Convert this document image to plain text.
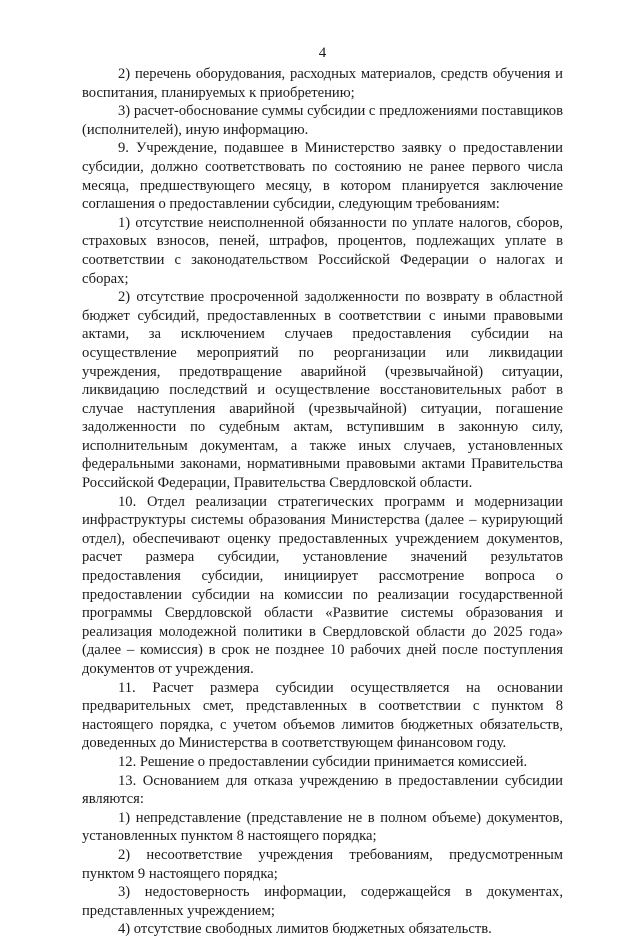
4

2) перечень оборудования, расходных материалов, средств обучения и воспитания, планируемых к приобретению;

3) расчет-обоснование суммы субсидии с предложениями поставщиков (исполнителей), иную информацию.

9. Учреждение, подавшее в Министерство заявку о предоставлении субсидии, должно соответствовать по состоянию не ранее первого числа месяца, предшествующего месяцу, в котором планируется заключение соглашения о предоставлении субсидии, следующим требованиям:

1) отсутствие неисполненной обязанности по уплате налогов, сборов, страховых взносов, пеней, штрафов, процентов, подлежащих уплате в соответствии с законодательством Российской Федерации о налогах и сборах;

2) отсутствие просроченной задолженности по возврату в областной бюджет субсидий, предоставленных в соответствии с иными правовыми актами, за исключением случаев предоставления субсидии на осуществление мероприятий по реорганизации или ликвидации учреждения, предотвращение аварийной (чрезвычайной) ситуации, ликвидацию последствий и осуществление восстановительных работ в случае наступления аварийной (чрезвычайной) ситуации, погашение задолженности по судебным актам, вступившим в законную силу, исполнительным документам, а также иных случаев, установленных федеральными законами, нормативными правовыми актами Правительства Российской Федерации, Правительства Свердловской области.

10. Отдел реализации стратегических программ и модернизации инфраструктуры системы образования Министерства (далее – курирующий отдел), обеспечивают оценку предоставленных учреждением документов, расчет размера субсидии, установление значений результатов предоставления субсидии, инициирует рассмотрение вопроса о предоставлении субсидии на комиссии по реализации государственной программы Свердловской области «Развитие системы образования и реализация молодежной политики в Свердловской области до 2025 года» (далее – комиссия) в срок не позднее 10 рабочих дней после поступления документов от учреждения.

11. Расчет размера субсидии осуществляется на основании предварительных смет, представленных в соответствии с пунктом 8 настоящего порядка, с учетом объемов лимитов бюджетных обязательств, доведенных до Министерства в соответствующем финансовом году.

12. Решение о предоставлении субсидии принимается комиссией.

13. Основанием для отказа учреждению в предоставлении субсидии являются:

1) непредставление (представление не в полном объеме) документов, установленных пунктом 8 настоящего порядка;

2) несоответствие учреждения требованиям, предусмотренным пунктом 9 настоящего порядка;

3) недостоверность информации, содержащейся в документах, представленных учреждением;

4) отсутствие свободных лимитов бюджетных обязательств.
